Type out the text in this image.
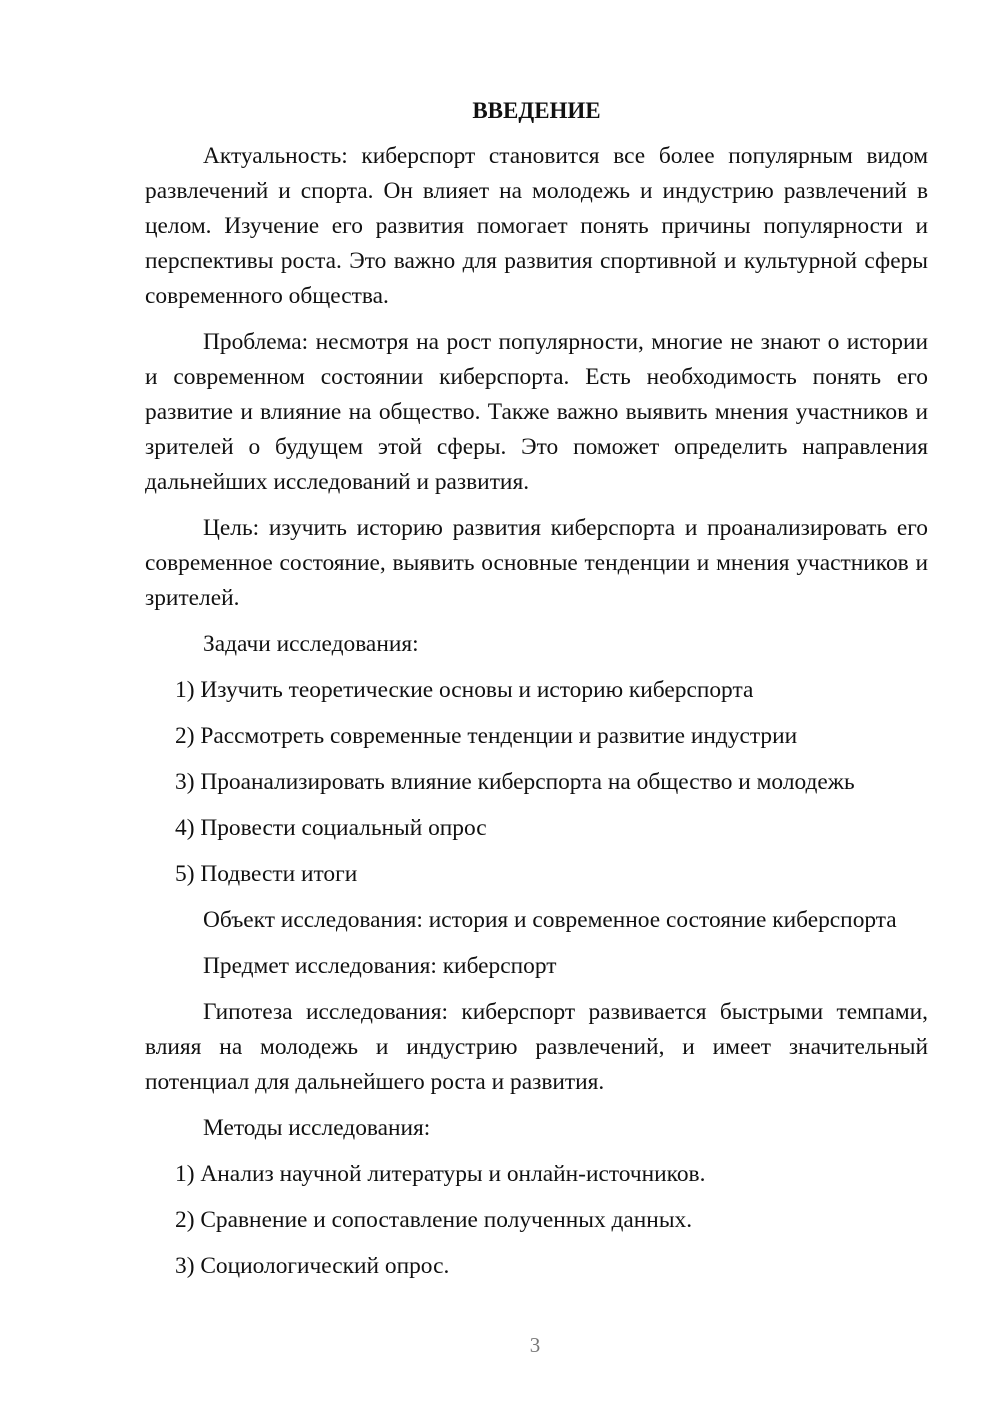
ВВЕДЕНИЕ
Актуальность: киберспорт становится все более популярным видом развлечений и спорта. Он влияет на молодежь и индустрию развлечений в целом. Изучение его развития помогает понять причины популярности и перспективы роста. Это важно для развития спортивной и культурной сферы современного общества.
Проблема: несмотря на рост популярности, многие не знают о истории и современном состоянии киберспорта. Есть необходимость понять его развитие и влияние на общество. Также важно выявить мнения участников и зрителей о будущем этой сферы. Это поможет определить направления дальнейших исследований и развития.
Цель: изучить историю развития киберспорта и проанализировать его современное состояние, выявить основные тенденции и мнения участников и зрителей.
Задачи исследования:
1) Изучить теоретические основы и историю киберспорта
2) Рассмотреть современные тенденции и развитие индустрии
3) Проанализировать влияние киберспорта на общество и молодежь
4) Провести социальный опрос
5) Подвести итоги
Объект исследования: история и современное состояние киберспорта
Предмет исследования: киберспорт
Гипотеза исследования: киберспорт развивается быстрыми темпами, влияя на молодежь и индустрию развлечений, и имеет значительный потенциал для дальнейшего роста и развития.
Методы исследования:
1) Анализ научной литературы и онлайн-источников.
2) Сравнение и сопоставление полученных данных.
3) Социологический опрос.
3
